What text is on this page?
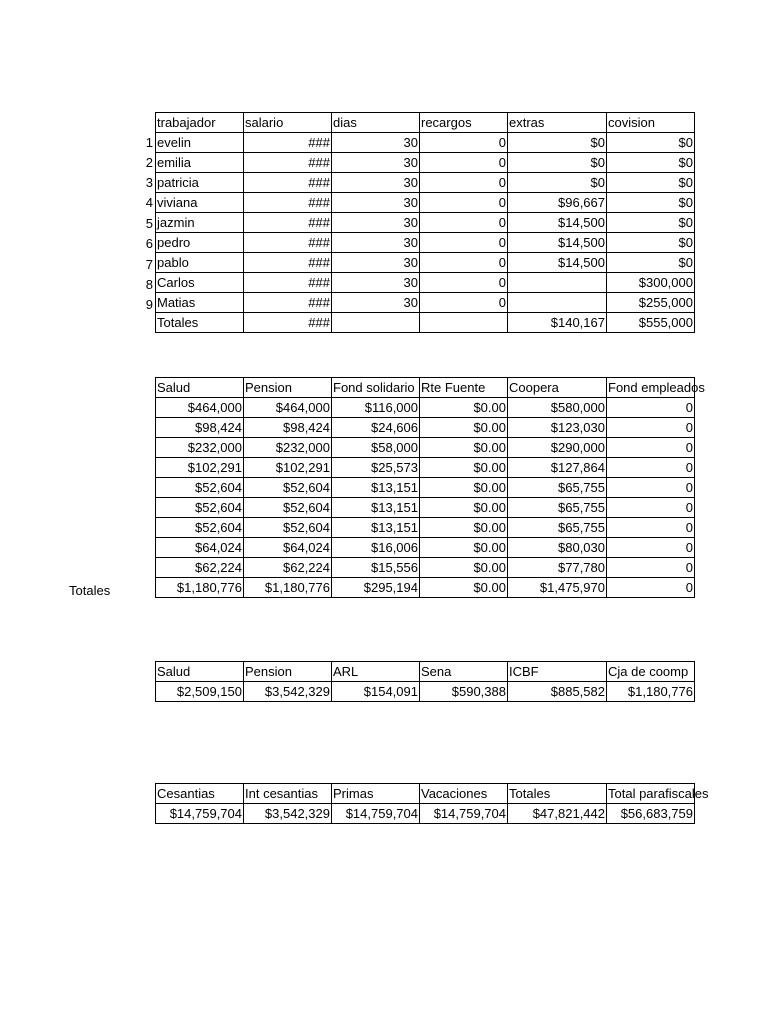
1
2
3
4
5
6
7
8
9
trabajador	salario	dias	recargos	extras	covision
evelin	###	30	0	$0	$0
emilia	###	30	0	$0	$0
patricia	###	30	0	$0	$0
viviana	###	30	0	$96,667	$0
jazmin	###	30	0	$14,500	$0
pedro	###	30	0	$14,500	$0
pablo	###	30	0	$14,500	$0
Carlos	###	30	0		$300,000
Matias	###	30	0		$255,000
Totales	###			$140,167	$555,000
Totales
Salud	Pension	Fond solidario	Rte Fuente	Coopera	Fond empleados
$464,000	$464,000	$116,000	$0.00	$580,000	0
$98,424	$98,424	$24,606	$0.00	$123,030	0
$232,000	$232,000	$58,000	$0.00	$290,000	0
$102,291	$102,291	$25,573	$0.00	$127,864	0
$52,604	$52,604	$13,151	$0.00	$65,755	0
$52,604	$52,604	$13,151	$0.00	$65,755	0
$52,604	$52,604	$13,151	$0.00	$65,755	0
$64,024	$64,024	$16,006	$0.00	$80,030	0
$62,224	$62,224	$15,556	$0.00	$77,780	0
$1,180,776	$1,180,776	$295,194	$0.00	$1,475,970	0
Salud	Pension	ARL	Sena	ICBF	Cja de coomp
$2,509,150	$3,542,329	$154,091	$590,388	$885,582	$1,180,776
Cesantias	Int cesantias	Primas	Vacaciones	Totales	Total parafiscales
$14,759,704	$3,542,329	$14,759,704	$14,759,704	$47,821,442	$56,683,759
